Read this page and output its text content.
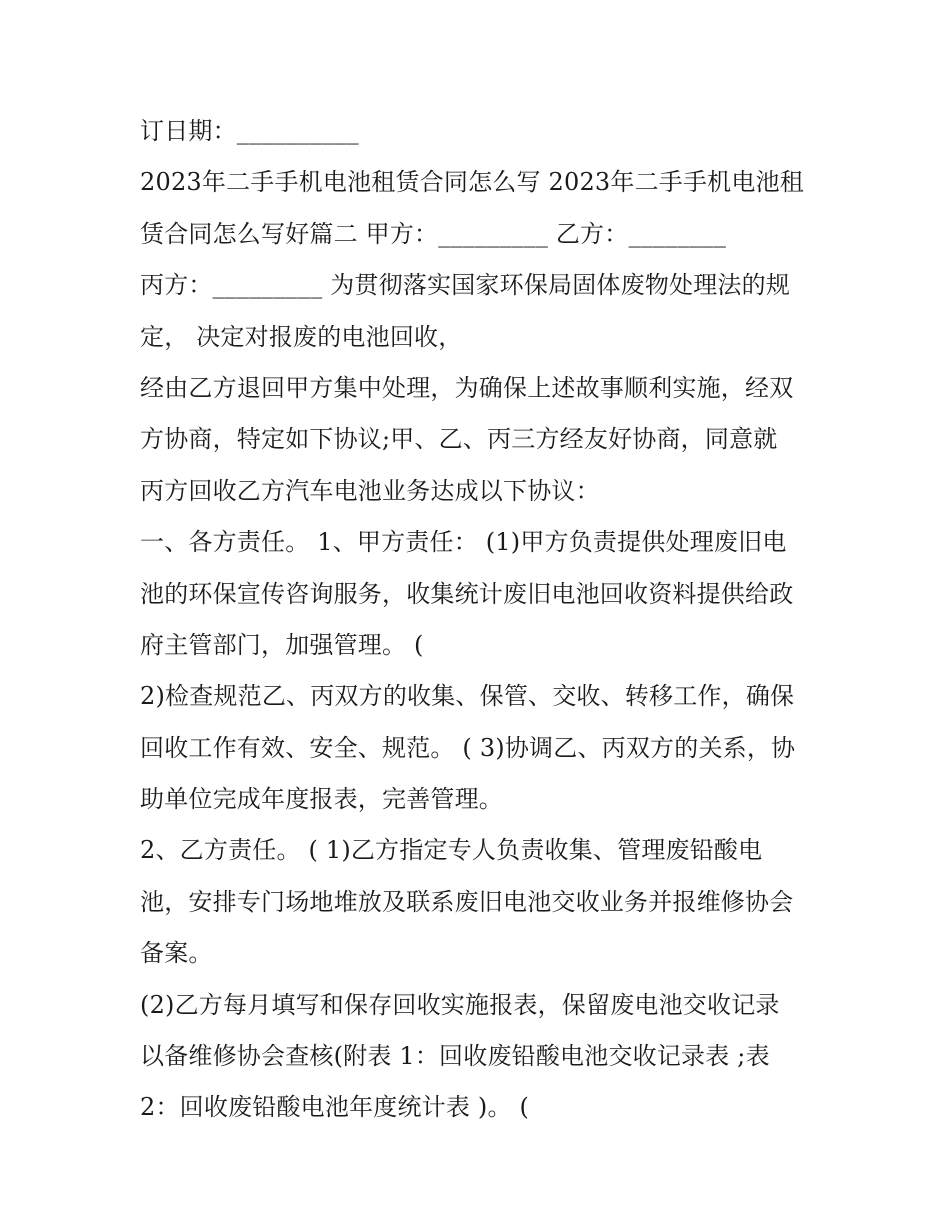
订日期：__________
2023年二手手机电池租赁合同怎么写 2023年二手手机电池租
赁合同怎么写好篇二 甲方：_________ 乙方：________
丙方：_________ 为贯彻落实国家环保局固体废物处理法的规
定， 决定对报废的电池回收，
经由乙方退回甲方集中处理，为确保上述故事顺利实施，经双
方协商，特定如下协议;甲、乙、丙三方经友好协商，同意就
丙方回收乙方汽车电池业务达成以下协议：
一、各方责任。 1、甲方责任： (1)甲方负责提供处理废旧电
池的环保宣传咨询服务，收集统计废旧电池回收资料提供给政
府主管部门，加强管理。 (
2)检查规范乙、丙双方的收集、保管、交收、转移工作，确保
回收工作有效、安全、规范。 ( 3)协调乙、丙双方的关系，协
助单位完成年度报表，完善管理。
2、乙方责任。 ( 1)乙方指定专人负责收集、管理废铅酸电
池，安排专门场地堆放及联系废旧电池交收业务并报维修协会
备案。
(2)乙方每月填写和保存回收实施报表，保留废电池交收记录
以备维修协会查核(附表 1：回收废铅酸电池交收记录表 ;表
2：回收废铅酸电池年度统计表 )。 (
